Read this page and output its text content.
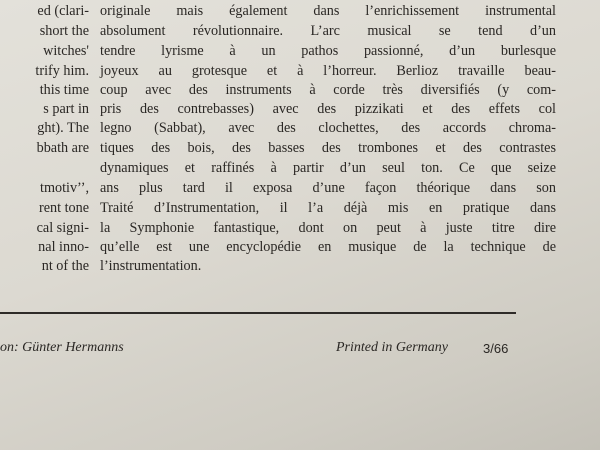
ed (clari-
short the
witches'
trify him.
this time
s part in
ght). The
bbath are
tmotiv’’,
rent tone
cal signi-
nal inno-
nt of the
originale mais également dans l’enrichissement instrumental
absolument révolutionnaire. L’arc musical se tend d’un
tendre lyrisme à un pathos passionné, d’un burlesque
joyeux au grotesque et à l’horreur. Berlioz travaille beau-
coup avec des instruments à corde très diversifiés (y com-
pris des contrebasses) avec des pizzikati et des effets col
legno (Sabbat), avec des clochettes, des accords chroma-
tiques des bois, des basses des trombones et des contrastes
dynamiques et raffinés à partir d’un seul ton. Ce que seize
ans plus tard il exposa d’une façon théorique dans son
Traité d’Instrumentation, il l’a déjà mis en pratique dans
la Symphonie fantastique, dont on peut à juste titre dire
qu’elle est une encyclopédie en musique de la technique de
l’instrumentation.
on: Günter Hermanns	Printed in Germany	3/66
